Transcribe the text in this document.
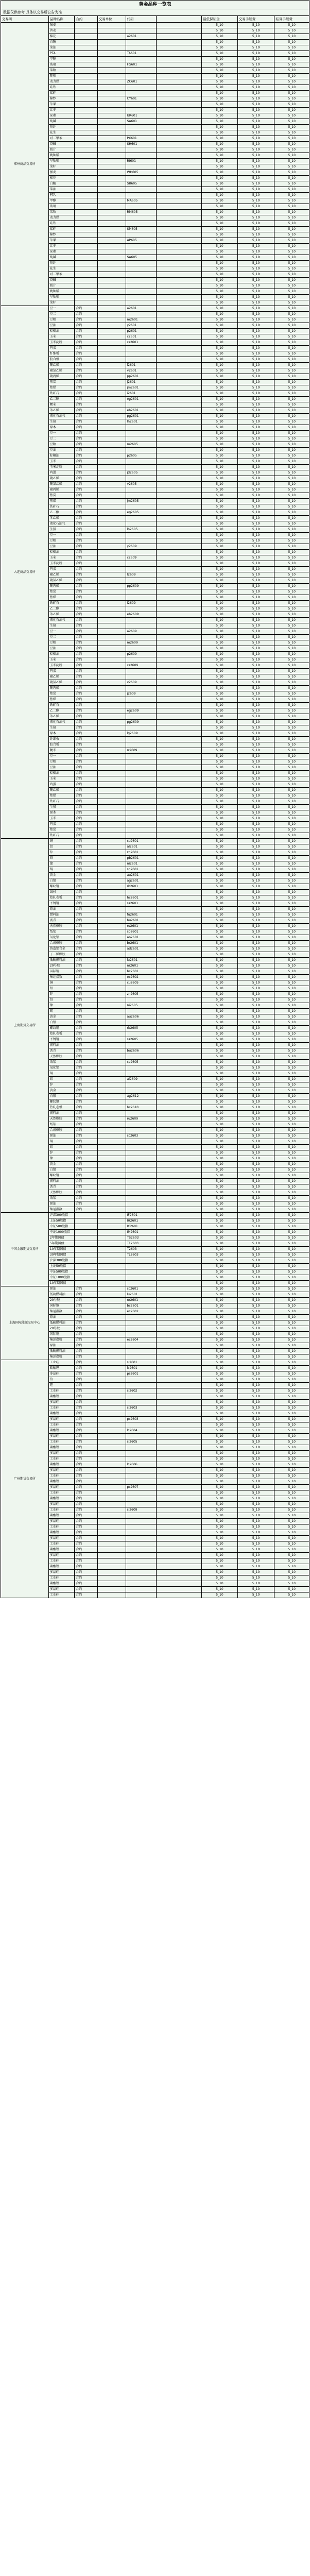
黄金品种一览表
数据仅供参考 具体以交易所公告为准
交易所	品种名称	合约	交易单位	代码		最低保证金	交易手续费	结算手续费
郑州商品交易所	强麦					5_10	5_10	5_10
	普麦					5_10	5_10	5_10
	棉花			a2601		5_10	5_10	5_10
	白糖					5_10	5_10	5_10
	菜油					5_10	5_10	5_10
	PTA			TA601		5_10	5_10	5_10
	甲醇					5_10	5_10	5_10
	玻璃			FG601		5_10	5_10	5_10
	菜粕					5_10	5_10	5_10
	粳稻					5_10	5_10	5_10
	动力煤			ZC601		5_10	5_10	5_10
	硅铁					5_10	5_10	5_10
	锰硅					5_10	5_10	5_10
	棉纱			CY601		5_10	5_10	5_10
	苹果					5_10	5_10	5_10
	红枣					5_10	5_10	5_10
	尿素			UR601		5_10	5_10	5_10
	纯碱			SA601		5_10	5_10	5_10
	短纤					5_10	5_10	5_10
	花生					5_10	5_10	5_10
	对二甲苯			PX601		5_10	5_10	5_10
	烧碱			SH601		5_10	5_10	5_10
	瓶片					5_10	5_10	5_10
	晚籼稻					5_10	5_10	5_10
	早籼稻			RI601		5_10	5_10	5_10
	菜籽					5_10	5_10	5_10
	强麦			WH605		5_10	5_10	5_10
	棉花					5_10	5_10	5_10
	白糖			SR605		5_10	5_10	5_10
	菜油					5_10	5_10	5_10
	PTA					5_10	5_10	5_10
	甲醇			MA605		5_10	5_10	5_10
	玻璃					5_10	5_10	5_10
	菜粕			RM605		5_10	5_10	5_10
	动力煤					5_10	5_10	5_10
	硅铁					5_10	5_10	5_10
	锰硅			SM605		5_10	5_10	5_10
	棉纱					5_10	5_10	5_10
	苹果			AP605		5_10	5_10	5_10
	红枣					5_10	5_10	5_10
	尿素					5_10	5_10	5_10
	纯碱			SA605		5_10	5_10	5_10
	短纤					5_10	5_10	5_10
	花生					5_10	5_10	5_10
	对二甲苯					5_10	5_10	5_10
	烧碱					5_10	5_10	5_10
	瓶片					5_10	5_10	5_10
	晚籼稻					5_10	5_10	5_10
	早籼稻					5_10	5_10	5_10
	菜籽					5_10	5_10	5_10
大连商品交易所	豆一	合约		a2601		5_10	5_10	5_10
	豆二	合约				5_10	5_10	5_10
	豆粕	合约		m2601		5_10	5_10	5_10
	豆油	合约		y2601		5_10	5_10	5_10
	棕榈油	合约		p2601		5_10	5_10	5_10
	玉米	合约		c2601		5_10	5_10	5_10
	玉米淀粉	合约		cs2601		5_10	5_10	5_10
	鸡蛋	合约				5_10	5_10	5_10
	纤维板	合约				5_10	5_10	5_10
	胶合板	合约				5_10	5_10	5_10
	聚乙烯	合约		l2601		5_10	5_10	5_10
	聚氯乙烯	合约		v2601		5_10	5_10	5_10
	聚丙烯	合约		pp2601		5_10	5_10	5_10
	焦炭	合约		j2601		5_10	5_10	5_10
	焦煤	合约		jm2601		5_10	5_10	5_10
	铁矿石	合约		i2601		5_10	5_10	5_10
	乙二醇	合约		eg2601		5_10	5_10	5_10
	粳米	合约				5_10	5_10	5_10
	苯乙烯	合约		eb2601		5_10	5_10	5_10
	液化石油气	合约		pg2601		5_10	5_10	5_10
	生猪	合约		lh2601		5_10	5_10	5_10
	原木	合约				5_10	5_10	5_10
	豆一	合约				5_10	5_10	5_10
	豆二	合约				5_10	5_10	5_10
	豆粕	合约		m2605		5_10	5_10	5_10
	豆油	合约				5_10	5_10	5_10
	棕榈油	合约		p2605		5_10	5_10	5_10
	玉米	合约				5_10	5_10	5_10
	玉米淀粉	合约				5_10	5_10	5_10
	鸡蛋	合约		jd2605		5_10	5_10	5_10
	聚乙烯	合约				5_10	5_10	5_10
	聚氯乙烯	合约		v2605		5_10	5_10	5_10
	聚丙烯	合约				5_10	5_10	5_10
	焦炭	合约				5_10	5_10	5_10
	焦煤	合约		jm2605		5_10	5_10	5_10
	铁矿石	合约				5_10	5_10	5_10
	乙二醇	合约		eg2605		5_10	5_10	5_10
	苯乙烯	合约				5_10	5_10	5_10
	液化石油气	合约				5_10	5_10	5_10
	生猪	合约		lh2605		5_10	5_10	5_10
	豆一	合约				5_10	5_10	5_10
	豆粕	合约				5_10	5_10	5_10
	豆油	合约		y2609		5_10	5_10	5_10
	棕榈油	合约				5_10	5_10	5_10
	玉米	合约		c2609		5_10	5_10	5_10
	玉米淀粉	合约				5_10	5_10	5_10
	鸡蛋	合约				5_10	5_10	5_10
	聚乙烯	合约		l2609		5_10	5_10	5_10
	聚氯乙烯	合约				5_10	5_10	5_10
	聚丙烯	合约		pp2609		5_10	5_10	5_10
	焦炭	合约				5_10	5_10	5_10
	焦煤	合约				5_10	5_10	5_10
	铁矿石	合约		i2609		5_10	5_10	5_10
	乙二醇	合约				5_10	5_10	5_10
	苯乙烯	合约		eb2609		5_10	5_10	5_10
	液化石油气	合约				5_10	5_10	5_10
	生猪	合约				5_10	5_10	5_10
	豆一	合约		a2609		5_10	5_10	5_10
	豆二	合约				5_10	5_10	5_10
	豆粕	合约		m2609		5_10	5_10	5_10
	豆油	合约				5_10	5_10	5_10
	棕榈油	合约		p2609		5_10	5_10	5_10
	玉米	合约				5_10	5_10	5_10
	玉米淀粉	合约		cs2609		5_10	5_10	5_10
	鸡蛋	合约				5_10	5_10	5_10
	聚乙烯	合约				5_10	5_10	5_10
	聚氯乙烯	合约		v2609		5_10	5_10	5_10
	聚丙烯	合约				5_10	5_10	5_10
	焦炭	合约		j2609		5_10	5_10	5_10
	焦煤	合约				5_10	5_10	5_10
	铁矿石	合约				5_10	5_10	5_10
	乙二醇	合约		eg2609		5_10	5_10	5_10
	苯乙烯	合约				5_10	5_10	5_10
	液化石油气	合约		pg2609		5_10	5_10	5_10
	生猪	合约				5_10	5_10	5_10
	原木	合约		lg2609		5_10	5_10	5_10
	纤维板	合约				5_10	5_10	5_10
	胶合板	合约				5_10	5_10	5_10
	粳米	合约		rr2609		5_10	5_10	5_10
	豆一	合约				5_10	5_10	5_10
	豆粕	合约				5_10	5_10	5_10
	豆油	合约				5_10	5_10	5_10
	棕榈油	合约				5_10	5_10	5_10
	玉米	合约				5_10	5_10	5_10
	鸡蛋	合约				5_10	5_10	5_10
	聚乙烯	合约				5_10	5_10	5_10
	焦煤	合约				5_10	5_10	5_10
	铁矿石	合约				5_10	5_10	5_10
	生猪	合约				5_10	5_10	5_10
	原木	合约				5_10	5_10	5_10
	玉米	合约				5_10	5_10	5_10
	鸡蛋	合约				5_10	5_10	5_10
	焦炭	合约				5_10	5_10	5_10
	铁矿石	合约				5_10	5_10	5_10
上海期货交易所	铜	合约		cu2601		5_10	5_10	5_10
	铝	合约		al2601		5_10	5_10	5_10
	锌	合约		zn2601		5_10	5_10	5_10
	铅	合约		pb2601		5_10	5_10	5_10
	镍	合约		ni2601		5_10	5_10	5_10
	锡	合约		sn2601		5_10	5_10	5_10
	黄金	合约		au2601		5_10	5_10	5_10
	白银	合约		ag2601		5_10	5_10	5_10
	螺纹钢	合约		rb2601		5_10	5_10	5_10
	线材	合约				5_10	5_10	5_10
	热轧卷板	合约		hc2601		5_10	5_10	5_10
	不锈钢	合约		ss2601		5_10	5_10	5_10
	原油	合约				5_10	5_10	5_10
	燃料油	合约		fu2601		5_10	5_10	5_10
	沥青	合约		bu2601		5_10	5_10	5_10
	天然橡胶	合约		ru2601		5_10	5_10	5_10
	纸浆	合约		sp2601		5_10	5_10	5_10
	氧化铝	合约		ao2601		5_10	5_10	5_10
	合成橡胶	合约		br2601		5_10	5_10	5_10
	铸造铝合金	合约		ad2601		5_10	5_10	5_10
	丁二烯橡胶	合约				5_10	5_10	5_10
	低硫燃料油	合约		lu2601		5_10	5_10	5_10
	20号胶	合约		nr2601		5_10	5_10	5_10
	国际铜	合约		bc2601		5_10	5_10	5_10
	集运指数	合约		ec2602		5_10	5_10	5_10
	铜	合约		cu2605		5_10	5_10	5_10
	铝	合约				5_10	5_10	5_10
	锌	合约		zn2605		5_10	5_10	5_10
	铅	合约				5_10	5_10	5_10
	镍	合约		ni2605		5_10	5_10	5_10
	锡	合约				5_10	5_10	5_10
	黄金	合约		au2606		5_10	5_10	5_10
	白银	合约				5_10	5_10	5_10
	螺纹钢	合约		rb2605		5_10	5_10	5_10
	热轧卷板	合约				5_10	5_10	5_10
	不锈钢	合约		ss2605		5_10	5_10	5_10
	燃料油	合约				5_10	5_10	5_10
	沥青	合约		bu2606		5_10	5_10	5_10
	天然橡胶	合约				5_10	5_10	5_10
	纸浆	合约		sp2605		5_10	5_10	5_10
	氧化铝	合约				5_10	5_10	5_10
	铜	合约				5_10	5_10	5_10
	铝	合约		al2609		5_10	5_10	5_10
	锌	合约				5_10	5_10	5_10
	黄金	合约				5_10	5_10	5_10
	白银	合约		ag2612		5_10	5_10	5_10
	螺纹钢	合约				5_10	5_10	5_10
	热轧卷板	合约		hc2610		5_10	5_10	5_10
	燃料油	合约				5_10	5_10	5_10
	天然橡胶	合约		ru2609		5_10	5_10	5_10
	纸浆	合约				5_10	5_10	5_10
	合成橡胶	合约				5_10	5_10	5_10
	原油	合约		sc2603		5_10	5_10	5_10
	铜	合约				5_10	5_10	5_10
	铝	合约				5_10	5_10	5_10
	锌	合约				5_10	5_10	5_10
	镍	合约				5_10	5_10	5_10
	黄金	合约				5_10	5_10	5_10
	白银	合约				5_10	5_10	5_10
	螺纹钢	合约				5_10	5_10	5_10
	燃料油	合约				5_10	5_10	5_10
	沥青	合约				5_10	5_10	5_10
	天然橡胶	合约				5_10	5_10	5_10
	纸浆	合约				5_10	5_10	5_10
	原油	合约				5_10	5_10	5_10
	集运指数	合约				5_10	5_10	5_10
中国金融期货交易所	沪深300股指			IF2601		5_10	5_10	5_10
	上证50股指			IH2601		5_10	5_10	5_10
	中证500股指			IC2601		5_10	5_10	5_10
	中证1000股指			IM2601		5_10	5_10	5_10
	2年期国债			TS2603		5_10	5_10	5_10
	5年期国债			TF2603		5_10	5_10	5_10
	10年期国债			T2603		5_10	5_10	5_10
	30年期国债			TL2603		5_10	5_10	5_10
	沪深300股指					5_10	5_10	5_10
	上证50股指					5_10	5_10	5_10
	中证500股指					5_10	5_10	5_10
	中证1000股指					5_10	5_10	5_10
	10年期国债					5_10	5_10	5_10
上海国际能源交易中心	原油	合约		sc2601		5_10	5_10	5_10
	低硫燃料油	合约		lu2601		5_10	5_10	5_10
	20号胶	合约		nr2601		5_10	5_10	5_10
	国际铜	合约		bc2601		5_10	5_10	5_10
	集运指数	合约		ec2602		5_10	5_10	5_10
	原油	合约				5_10	5_10	5_10
	低硫燃料油	合约				5_10	5_10	5_10
	20号胶	合约				5_10	5_10	5_10
	国际铜	合约				5_10	5_10	5_10
	集运指数	合约		ec2604		5_10	5_10	5_10
	原油	合约				5_10	5_10	5_10
	低硫燃料油	合约				5_10	5_10	5_10
	集运指数	合约				5_10	5_10	5_10
广州期货交易所	工业硅	合约		si2601		5_10	5_10	5_10
	碳酸锂	合约		lc2601		5_10	5_10	5_10
	多晶硅	合约		ps2601		5_10	5_10	5_10
	铂	合约				5_10	5_10	5_10
	钯	合约				5_10	5_10	5_10
	工业硅	合约		si2602		5_10	5_10	5_10
	碳酸锂	合约				5_10	5_10	5_10
	多晶硅	合约				5_10	5_10	5_10
	工业硅	合约		si2603		5_10	5_10	5_10
	碳酸锂	合约				5_10	5_10	5_10
	多晶硅	合约		ps2603		5_10	5_10	5_10
	工业硅	合约				5_10	5_10	5_10
	碳酸锂	合约		lc2604		5_10	5_10	5_10
	多晶硅	合约				5_10	5_10	5_10
	工业硅	合约		si2605		5_10	5_10	5_10
	碳酸锂	合约				5_10	5_10	5_10
	多晶硅	合约				5_10	5_10	5_10
	工业硅	合约				5_10	5_10	5_10
	碳酸锂	合约		lc2606		5_10	5_10	5_10
	多晶硅	合约				5_10	5_10	5_10
	工业硅	合约				5_10	5_10	5_10
	碳酸锂	合约				5_10	5_10	5_10
	多晶硅	合约		ps2607		5_10	5_10	5_10
	工业硅	合约				5_10	5_10	5_10
	碳酸锂	合约				5_10	5_10	5_10
	多晶硅	合约				5_10	5_10	5_10
	工业硅	合约		si2609		5_10	5_10	5_10
	碳酸锂	合约				5_10	5_10	5_10
	多晶硅	合约				5_10	5_10	5_10
	工业硅	合约				5_10	5_10	5_10
	碳酸锂	合约				5_10	5_10	5_10
	多晶硅	合约				5_10	5_10	5_10
	工业硅	合约				5_10	5_10	5_10
	碳酸锂	合约				5_10	5_10	5_10
	多晶硅	合约				5_10	5_10	5_10
	工业硅	合约				5_10	5_10	5_10
	碳酸锂	合约				5_10	5_10	5_10
	多晶硅	合约				5_10	5_10	5_10
	工业硅	合约				5_10	5_10	5_10
	碳酸锂	合约				5_10	5_10	5_10
	多晶硅	合约				5_10	5_10	5_10
	工业硅	合约				5_10	5_10	5_10
